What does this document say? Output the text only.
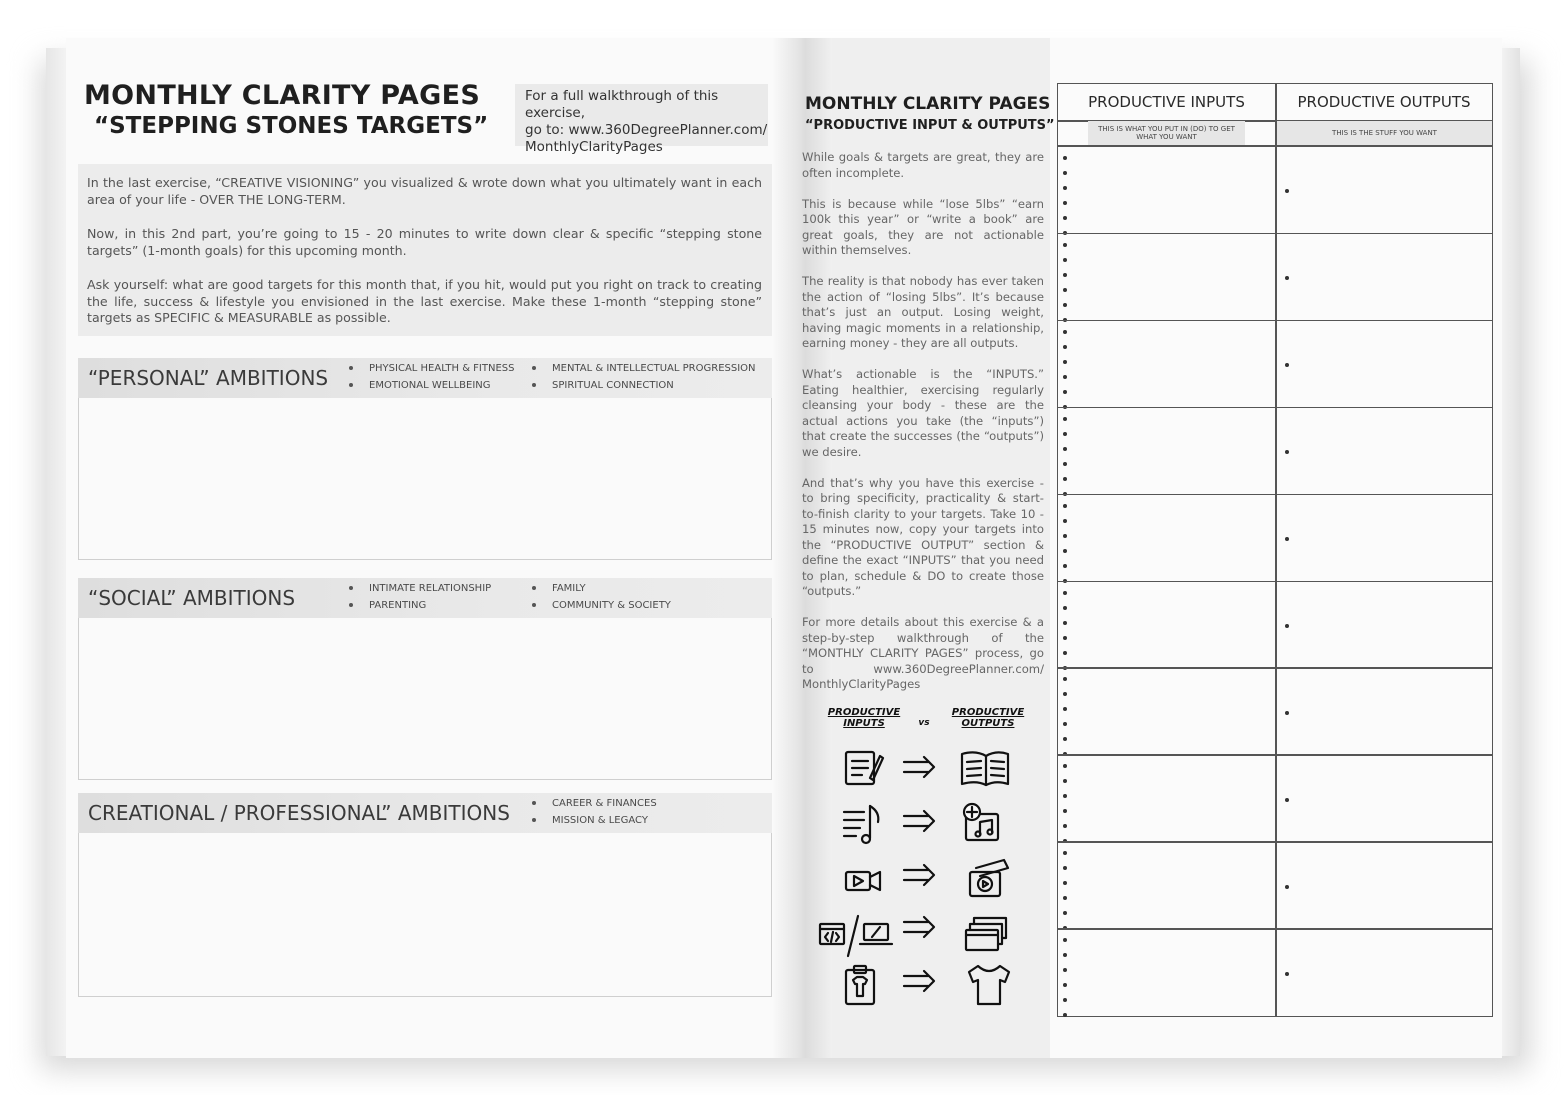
MONTHLY CLARITY PAGES
“STEPPING STONES TARGETS”
For a full walkthrough of this exercise,
go to: www.360DegreePlanner.com/
MonthlyClarityPages

In the last exercise, “CREATIVE VISIONING” you visualized & wrote down what you ultimately want in each area of your life - OVER THE LONG-TERM.

Now, in this 2nd part, you’re going to 15 - 20 minutes to write down clear & specific “stepping stone targets” (1-month goals) for this upcoming month.

Ask yourself: what are good targets for this month that, if you hit, would put you right on track to creating the life, success & lifestyle you envisioned in the last exercise. Make these 1-month “stepping stone” targets as SPECIFIC & MEASURABLE as possible.

“PERSONAL” AMBITIONS	PHYSICAL HEALTH & FITNESS
EMOTIONAL WELLBEING
MENTAL & INTELLECTUAL PROGRESSION
SPIRITUAL CONNECTION
“SOCIAL” AMBITIONS	INTIMATE RELATIONSHIP
PARENTING
FAMILY
COMMUNITY & SOCIETY
CREATIONAL / PROFESSIONAL” AMBITIONS	CAREER & FINANCES
MISSION & LEGACY
MONTHLY CLARITY PAGES
“PRODUCTIVE INPUT & OUTPUTS”

While goals & targets are great, they are often incomplete.

This is because while “lose 5lbs” “earn 100k this year” or “write a book” are great goals, they are not actionable within themselves.

The reality is that nobody has ever taken the action of “losing 5lbs”. It’s because that’s just an output. Losing weight, having magic moments in a relationship, earning money - they are all outputs.

What’s actionable is the “INPUTS.” Eating healthier, exercising regularly cleansing your body - these are the actual actions you take (the “inputs”) that create the successes (the “outputs”) we desire.

And that’s why you have this exercise - to bring specificity, practicality & start-to-finish clarity to your targets. Take 10 - 15 minutes now, copy your targets into the “PRODUCTIVE OUTPUT” section & define the exact “INPUTS” that you need to plan, schedule & DO to create those “outputs.”

For more details about this exercise & a step-by-step walkthrough of the “MONTHLY CLARITY PAGES” process, go to www.360DegreePlanner.com/ MonthlyClarityPages

PRODUCTIVE
INPUTS	vs
PRODUCTIVE
OUTPUTS
PRODUCTIVE INPUTS	PRODUCTIVE OUTPUTS
THIS IS WHAT YOU PUT IN (DO) TO GET WHAT YOU WANT	THIS IS THE STUFF YOU WANT
